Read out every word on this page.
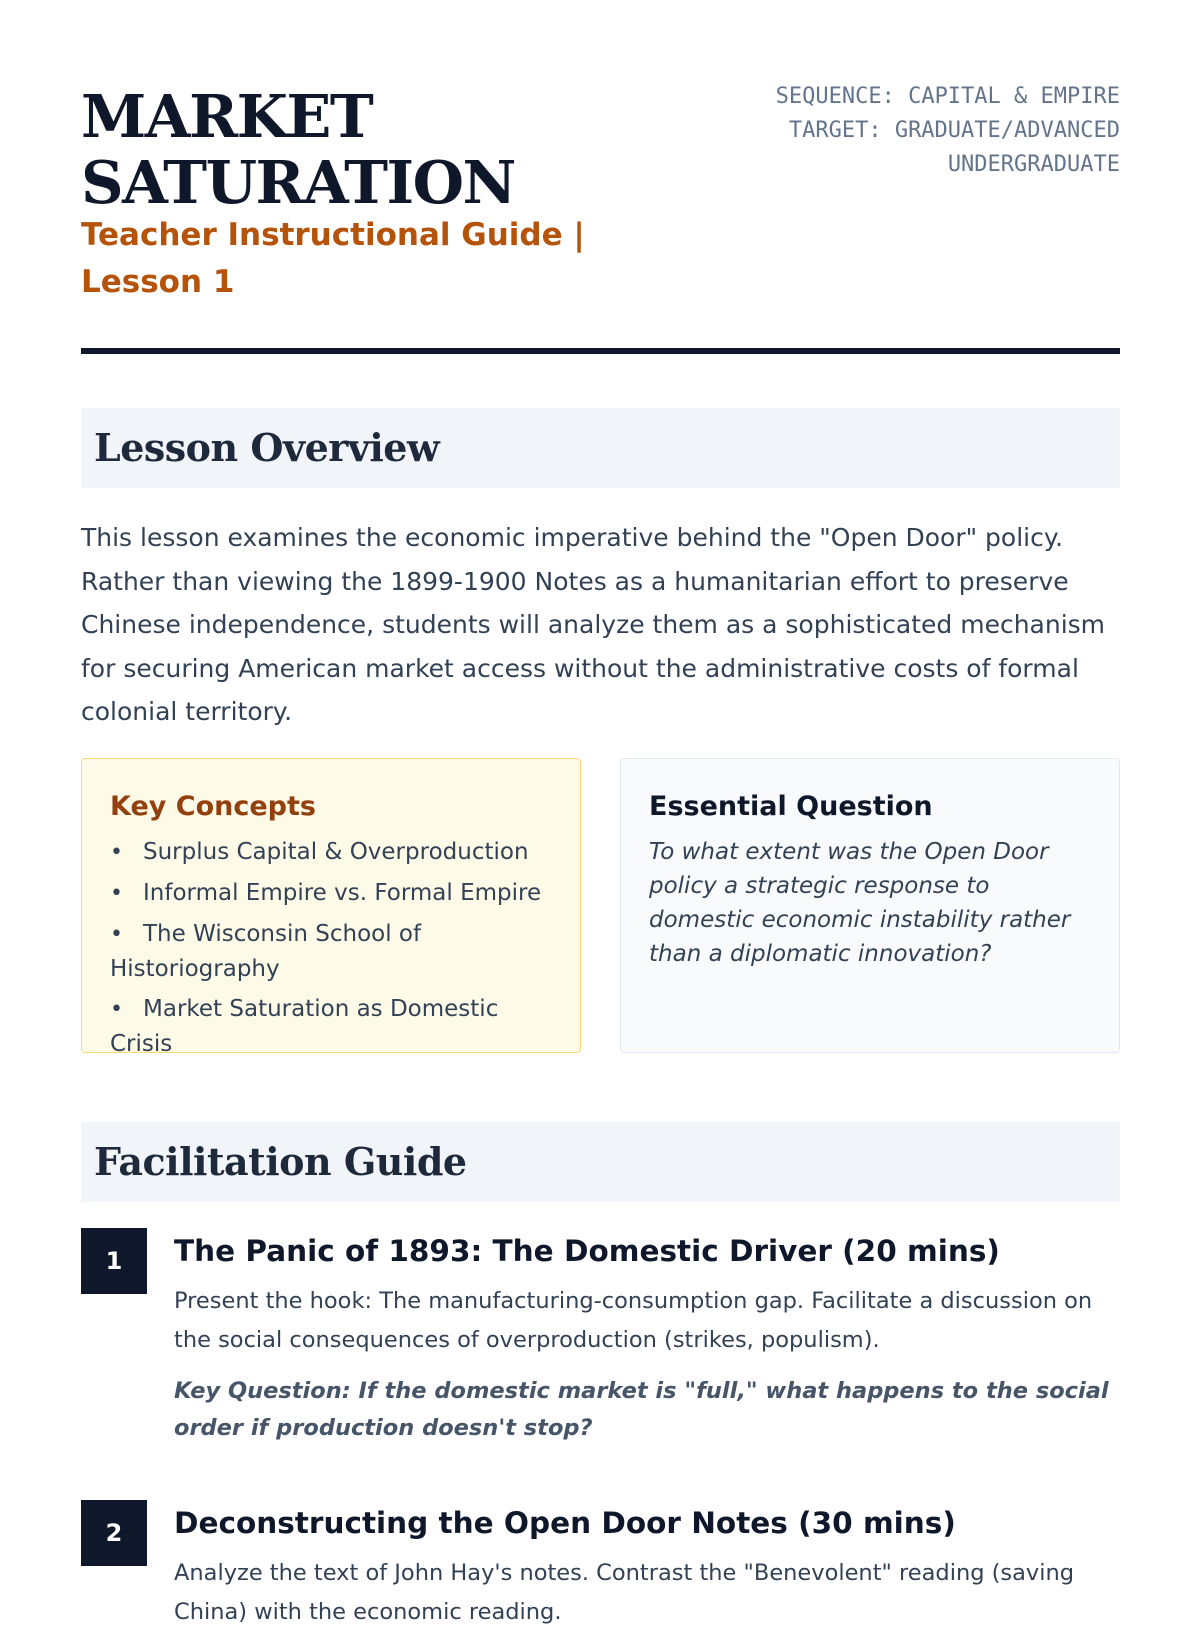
MARKET
SATURATION
Teacher Instructional Guide |
Lesson 1
SEQUENCE: CAPITAL & EMPIRE
TARGET: GRADUATE/ADVANCED
UNDERGRADUATE
Lesson Overview

This lesson examines the economic imperative behind the "Open Door" policy. Rather than viewing the 1899-1900 Notes as a humanitarian effort to preserve Chinese independence, students will analyze them as a sophisticated mechanism for securing American market access without the administrative costs of formal colonial territory.

Key Concepts
• Surplus Capital & Overproduction
• Informal Empire vs. Formal Empire
• The Wisconsin School of Historiography
• Market Saturation as Domestic Crisis
Essential Question

To what extent was the Open Door policy a strategic response to domestic economic instability rather than a diplomatic innovation?

Facilitation Guide
1	The Panic of 1893: The Domestic Driver (20 mins)

Present the hook: The manufacturing-consumption gap. Facilitate a discussion on the social consequences of overproduction (strikes, populism).

Key Question: If the domestic market is "full," what happens to the social order if production doesn't stop?

2	Deconstructing the Open Door Notes (30 mins)

Analyze the text of John Hay's notes. Contrast the "Benevolent" reading (saving China) with the economic reading.
